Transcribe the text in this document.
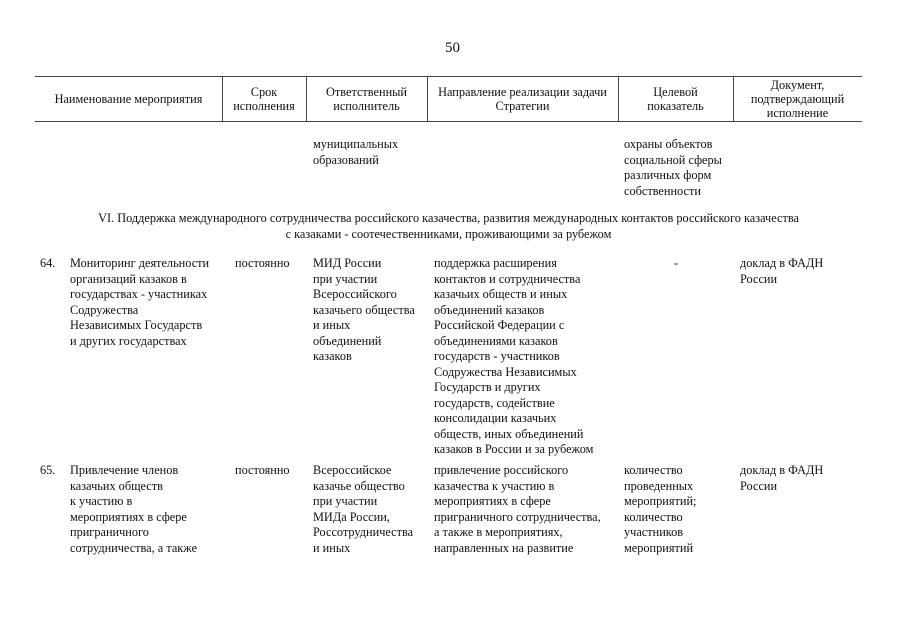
50
Наименование мероприятия	Срок
исполнения
Ответственный
исполнитель
Направление реализации задачи
Стратегии
Целевой
показатель
Документ,
подтверждающий
исполнение
муниципальных
образований
охраны объектов
социальной сферы
различных форм
собственности
VI. Поддержка международного сотрудничества российского казачества, развития международных контактов российского казачества
с казаками - соотечественниками, проживающими за рубежом
64. Мониторинг деятельности
организаций казаков в
государствах - участниках
Содружества
Независимых Государств
и других государствах
постоянно МИД России
при участии
Всероссийского
казачьего общества
и иных
объединений
казаков
поддержка расширения
контактов и сотрудничества
казачьих обществ и иных
объединений казаков
Российской Федерации с
объединениями казаков
государств - участников
Содружества Независимых
Государств и других
государств, содействие
консолидации казачьих
обществ, иных объединений
казаков в России и за рубежом
-	доклад в ФАДН
России
65. Привлечение членов
казачьих обществ
к участию в
мероприятиях в сфере
приграничного
сотрудничества, а также
постоянно Всероссийское
казачье общество
при участии
МИДа России,
Россотрудничества
и иных
привлечение российского
казачества к участию в
мероприятиях в сфере
приграничного сотрудничества,
а также в мероприятиях,
направленных на развитие
количество
проведенных
мероприятий;
количество
участников
мероприятий
доклад в ФАДН
России
